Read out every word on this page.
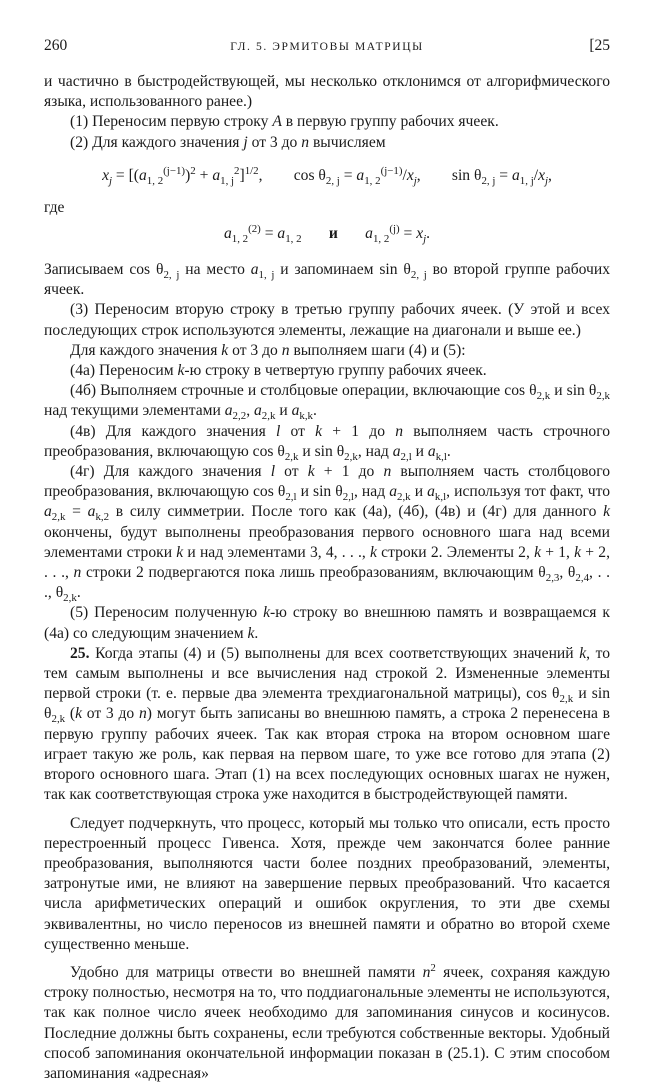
260	ГЛ. 5. ЭРМИТОВЫ МАТРИЦЫ	[25

и частично в быстродействующей, мы несколько отклонимся от алгорифмического языка, использованного ранее.)

(1) Переносим первую строку A в первую группу рабочих ячеек.

(2) Для каждого значения j от 3 до n вычисляем

$x_j = [(a_{1, 2}^{(j-1)})^2 + a_{1, j}^2]^{1/2}$, $\cos \theta_{2, j} = a_{1, 2}^{(j-1)}/x_j$, $\sin \theta_{2, j} = a_{1, j}/x_j$,

где

$a_{1, 2}^{(2)} = a_{1, 2}$ и $a_{1, 2}^{(j)} = x_j$.

Записываем $\cos \theta_{2, j}$ на место $a_{1, j}$ и запоминаем $\sin \theta_{2, j}$ во второй группе рабочих ячеек.

(3) Переносим вторую строку в третью группу рабочих ячеек. (У этой и всех последующих строк используются элементы, лежащие на диагонали и выше ее.)

Для каждого значения k от 3 до n выполняем шаги (4) и (5):

(4а) Переносим k-ю строку в четвертую группу рабочих ячеек.

(4б) Выполняем строчные и столбцовые операции, включающие $\cos \theta_{2,k}$ и $\sin \theta_{2,k}$ над текущими элементами $a_{2,2}$, $a_{2,k}$ и $a_{k,k}$.

(4в) Для каждого значения l от k + 1 до n выполняем часть строчного преобразования, включающую $\cos \theta_{2,k}$ и $\sin \theta_{2,k}$, над $a_{2,l}$ и $a_{k,l}$.

(4г) Для каждого значения l от k + 1 до n выполняем часть столбцового преобразования, включающую $\cos \theta_{2,l}$ и $\sin \theta_{2,l}$, над $a_{2,k}$ и $a_{k,l}$, используя тот факт, что $a_{2,k} = a_{k,2}$ в силу симметрии. После того как (4а), (4б), (4в) и (4г) для данного k окончены, будут выполнены преобразования первого основного шага над всеми элементами строки k и над элементами 3, 4, . . ., k строки 2. Элементы 2, k + 1, k + 2, . . ., n строки 2 подвергаются пока лишь преобразованиям, включающим $\theta_{2,3}$, $\theta_{2,4}$, . . ., $\theta_{2,k}$.

(5) Переносим полученную k-ю строку во внешнюю память и возвращаемся к (4а) со следующим значением k.

25. Когда этапы (4) и (5) выполнены для всех соответствующих значений k, то тем самым выполнены и все вычисления над строкой 2. Измененные элементы первой строки (т. е. первые два элемента трехдиагональной матрицы), $\cos \theta_{2,k}$ и $\sin \theta_{2,k}$ (k от 3 до n) могут быть записаны во внешнюю память, а строка 2 перенесена в первую группу рабочих ячеек. Так как вторая строка на втором основном шаге играет такую же роль, как первая на первом шаге, то уже все готово для этапа (2) второго основного шага. Этап (1) на всех последующих основных шагах не нужен, так как соответствующая строка уже находится в быстродействующей памяти.

Следует подчеркнуть, что процесс, который мы только что описали, есть просто перестроенный процесс Гивенса. Хотя, прежде чем закончатся более ранние преобразования, выполняются части более поздних преобразований, элементы, затронутые ими, не влияют на завершение первых преобразований. Что касается числа арифметических операций и ошибок округления, то эти две схемы эквивалентны, но число переносов из внешней памяти и обратно во второй схеме существенно меньше.

Удобно для матрицы отвести во внешней памяти $n^2$ ячеек, сохраняя каждую строку полностью, несмотря на то, что поддиагональные элементы не используются, так как полное число ячеек необходимо для запоминания синусов и косинусов. Последние должны быть сохранены, если требуются собственные векторы. Удобный способ запоминания окончательной информации показан в (25.1). С этим способом запоминания «адресная»
